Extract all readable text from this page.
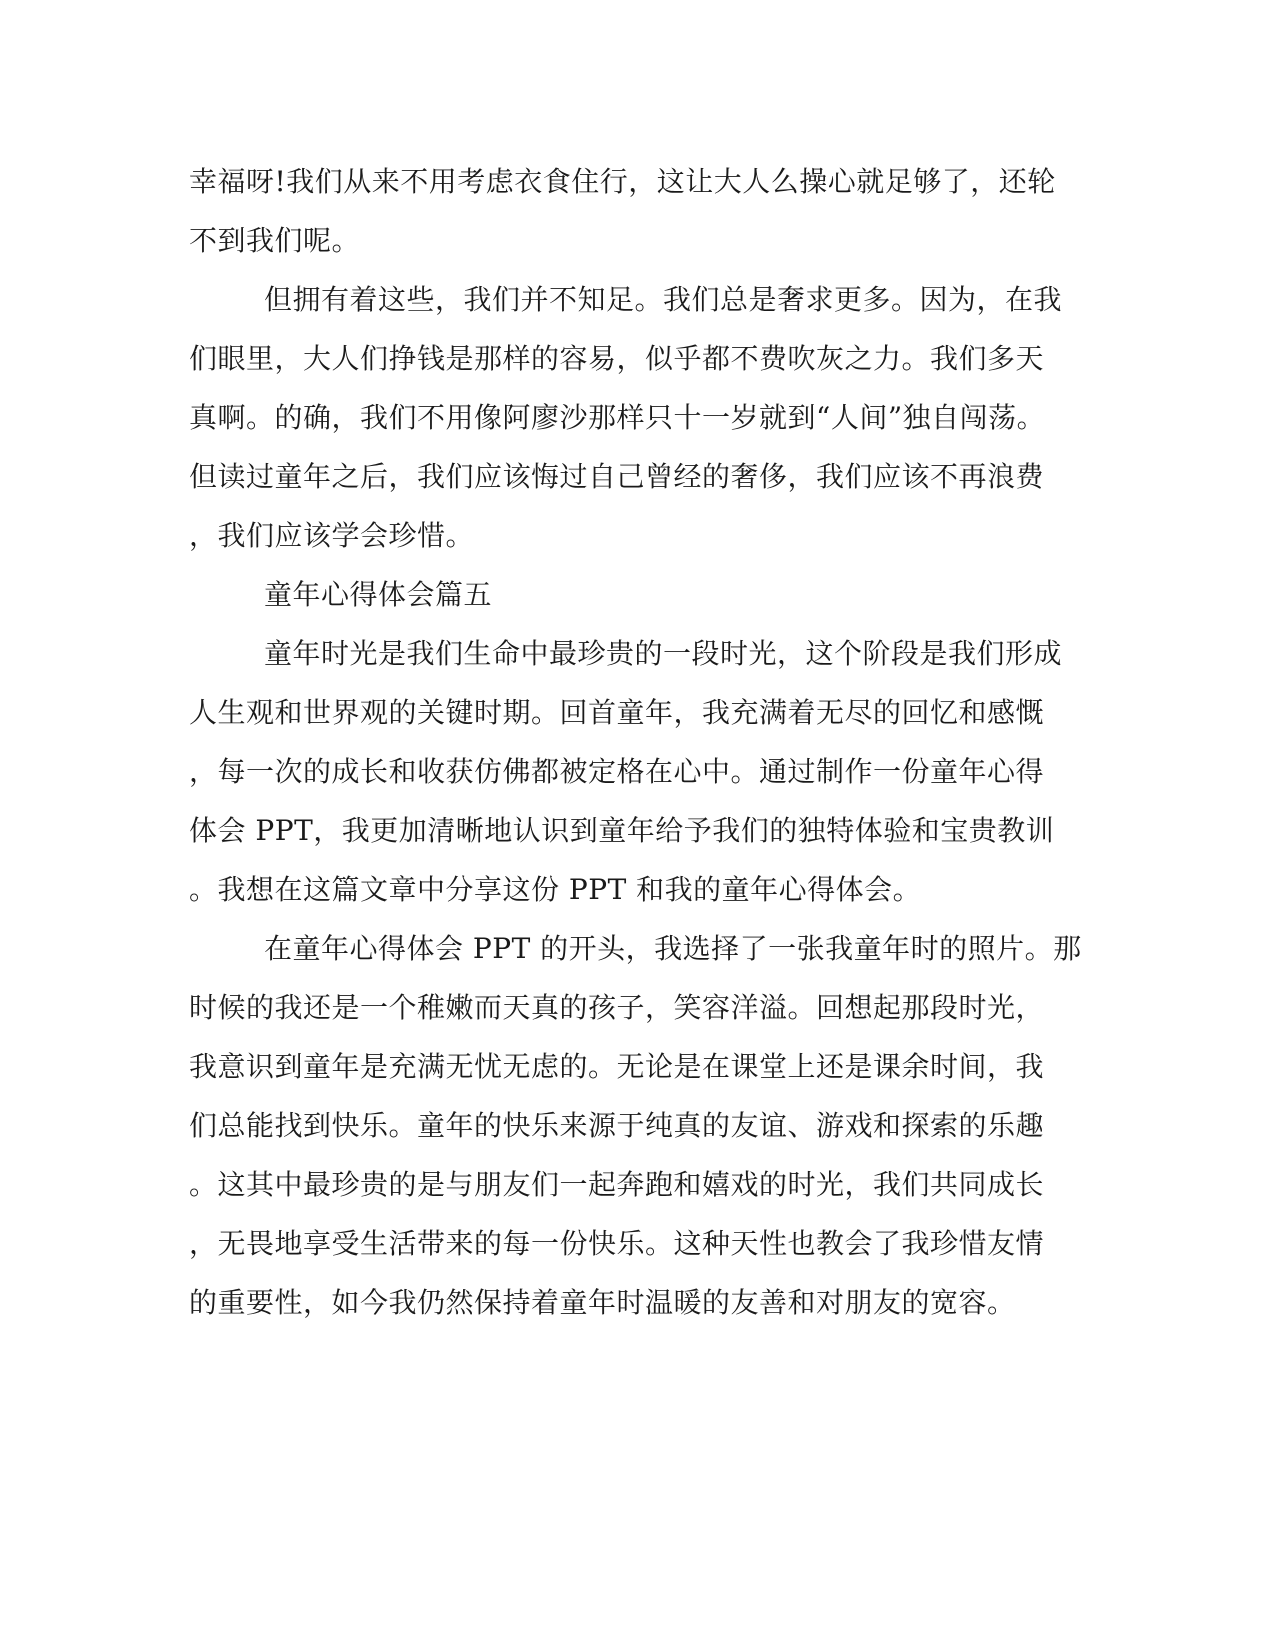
幸福呀!我们从来不用考虑衣食住行，这让大人么操心就足够了，还轮
不到我们呢。
但拥有着这些，我们并不知足。我们总是奢求更多。因为，在我
们眼里，大人们挣钱是那样的容易，似乎都不费吹灰之力。我们多天
真啊。的确，我们不用像阿廖沙那样只十一岁就到“人间”独自闯荡。
但读过童年之后，我们应该悔过自己曾经的奢侈，我们应该不再浪费
，我们应该学会珍惜。
童年心得体会篇五
童年时光是我们生命中最珍贵的一段时光，这个阶段是我们形成
人生观和世界观的关键时期。回首童年，我充满着无尽的回忆和感慨
，每一次的成长和收获仿佛都被定格在心中。通过制作一份童年心得
体会 PPT，我更加清晰地认识到童年给予我们的独特体验和宝贵教训
。我想在这篇文章中分享这份 PPT 和我的童年心得体会。
在童年心得体会 PPT 的开头，我选择了一张我童年时的照片。那
时候的我还是一个稚嫩而天真的孩子，笑容洋溢。回想起那段时光，
我意识到童年是充满无忧无虑的。无论是在课堂上还是课余时间，我
们总能找到快乐。童年的快乐来源于纯真的友谊、游戏和探索的乐趣
。这其中最珍贵的是与朋友们一起奔跑和嬉戏的时光，我们共同成长
，无畏地享受生活带来的每一份快乐。这种天性也教会了我珍惜友情
的重要性，如今我仍然保持着童年时温暖的友善和对朋友的宽容。
